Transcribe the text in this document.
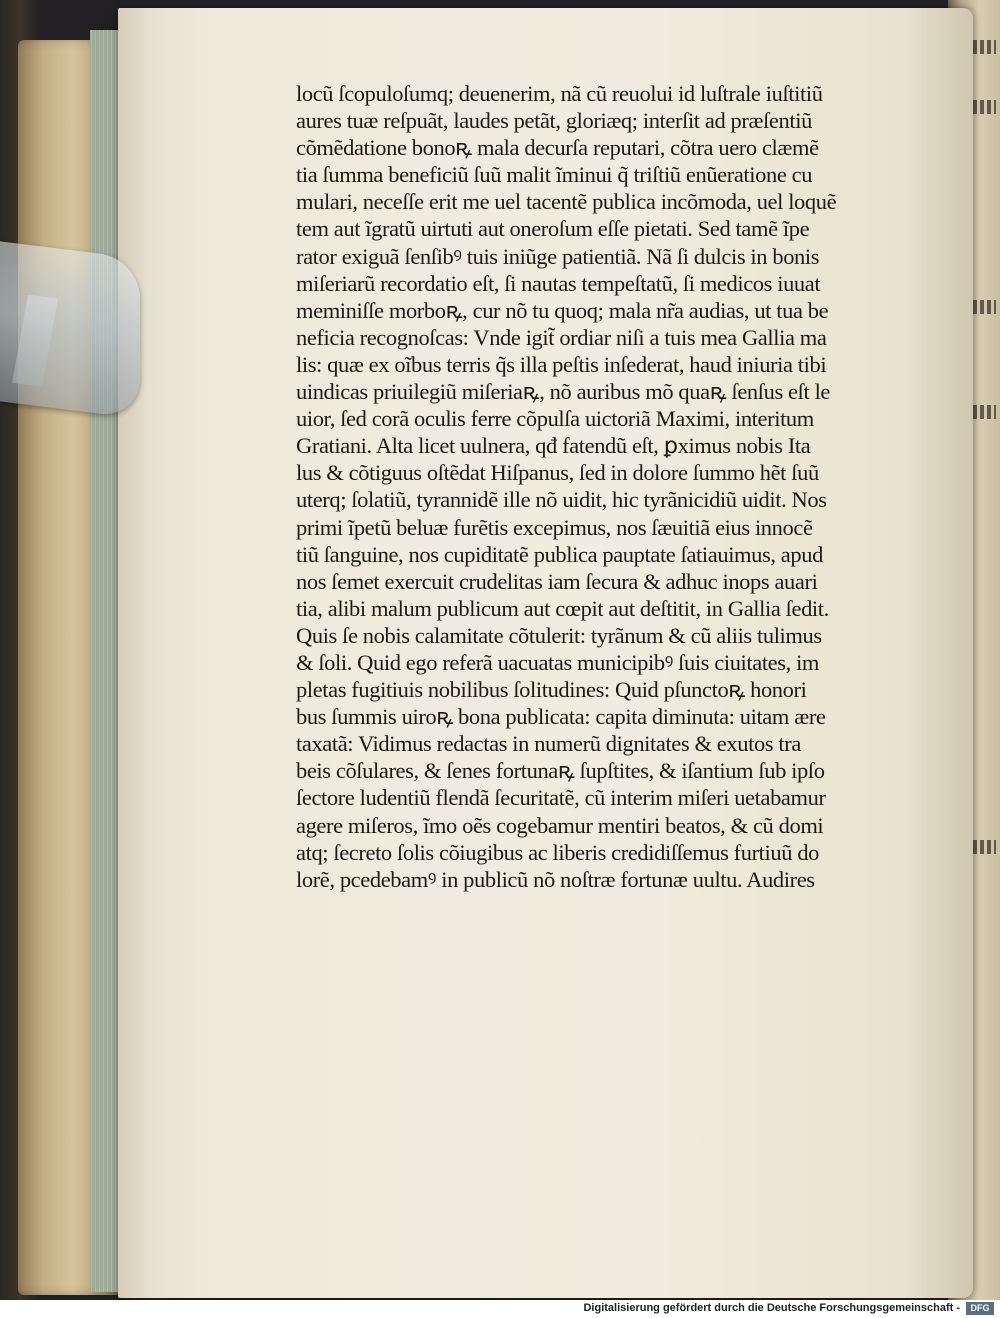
locũ ſcopuloſumq; deuenerim, nã cũ reuolui id luſtrale iuſtitiũ
aures tuæ reſpuãt, laudes petãt, gloriæq; interſit ad præſentiũ
cõmẽdatione bonoꝶ mala decurſa reputari, cõtra uero clæmẽ
tia ſumma beneficiũ ſuũ malit ĩminui q̃ triſtiũ enũeratione cu
mulari, neceſſe erit me uel tacentẽ publica incõmoda, uel loquẽ
tem aut ĩgratũ uirtuti aut oneroſum eſſe pietati. Sed tamẽ ĩpe
rator exiguã ſenſibꝰ tuis iniũge patientiã. Nã ſi dulcis in bonis
miſeriarũ recordatio eſt, ſi nautas tempeſtatũ, ſi medicos iuuat
meminiſſe morboꝶ, cur nõ tu quoq; mala nr̃a audias, ut tua be
neficia recognoſcas: Vnde igit̃ ordiar niſi a tuis mea Gallia ma
lis: quæ ex oĩbus terris q̃s illa peſtis inſederat, haud iniuria tibi
uindicas priuilegiũ miſeriaꝶ, nõ auribus mõ quaꝶ ſenſus eſt le
uior, ſed corã oculis ferre cõpulſa uictoriã Maximi, interitum
Gratiani. Alta licet uulnera, qđ fatendũ eſt, ꝑximus nobis Ita
lus & cõtiguus oſtẽdat Hiſpanus, ſed in dolore ſummo hẽt ſuũ
uterq; ſolatiũ, tyrannidẽ ille nõ uidit, hic tyrãnicidiũ uidit. Nos
primi ĩpetũ beluæ furẽtis excepimus, nos ſæuitiã eius innocẽ
tiũ ſanguine, nos cupiditatẽ publica pauptate ſatiauimus, apud
nos ſemet exercuit crudelitas iam ſecura & adhuc inops auari
tia, alibi malum publicum aut cœpit aut deſtitit, in Gallia ſedit.
Quis ſe nobis calamitate cõtulerit: tyrãnum & cũ aliis tulimus
& ſoli. Quid ego referã uacuatas municipibꝰ ſuis ciuitates, im
pletas fugitiuis nobilibus ſolitudines: Quid pſunctoꝶ honori
bus ſummis uiroꝶ bona publicata: capita diminuta: uitam ære
taxatã: Vidimus redactas in numerũ dignitates & exutos tra
beis cõſulares, & ſenes fortunaꝶ ſupſtites, & iſantium ſub ipſo
ſectore ludentiũ flendã ſecuritatẽ, cũ interim miſeri uetabamur
agere miſeros, ĩmo oẽs cogebamur mentiri beatos, & cũ domi
atq; ſecreto ſolis cõiugibus ac liberis credidiſſemus furtiuũ do
lorẽ, pcedebamꝰ in publicũ nõ noſtræ fortunæ uultu. Audires
Digitalisierung gefördert durch die Deutsche Forschungsgemeinschaft -	DFG
